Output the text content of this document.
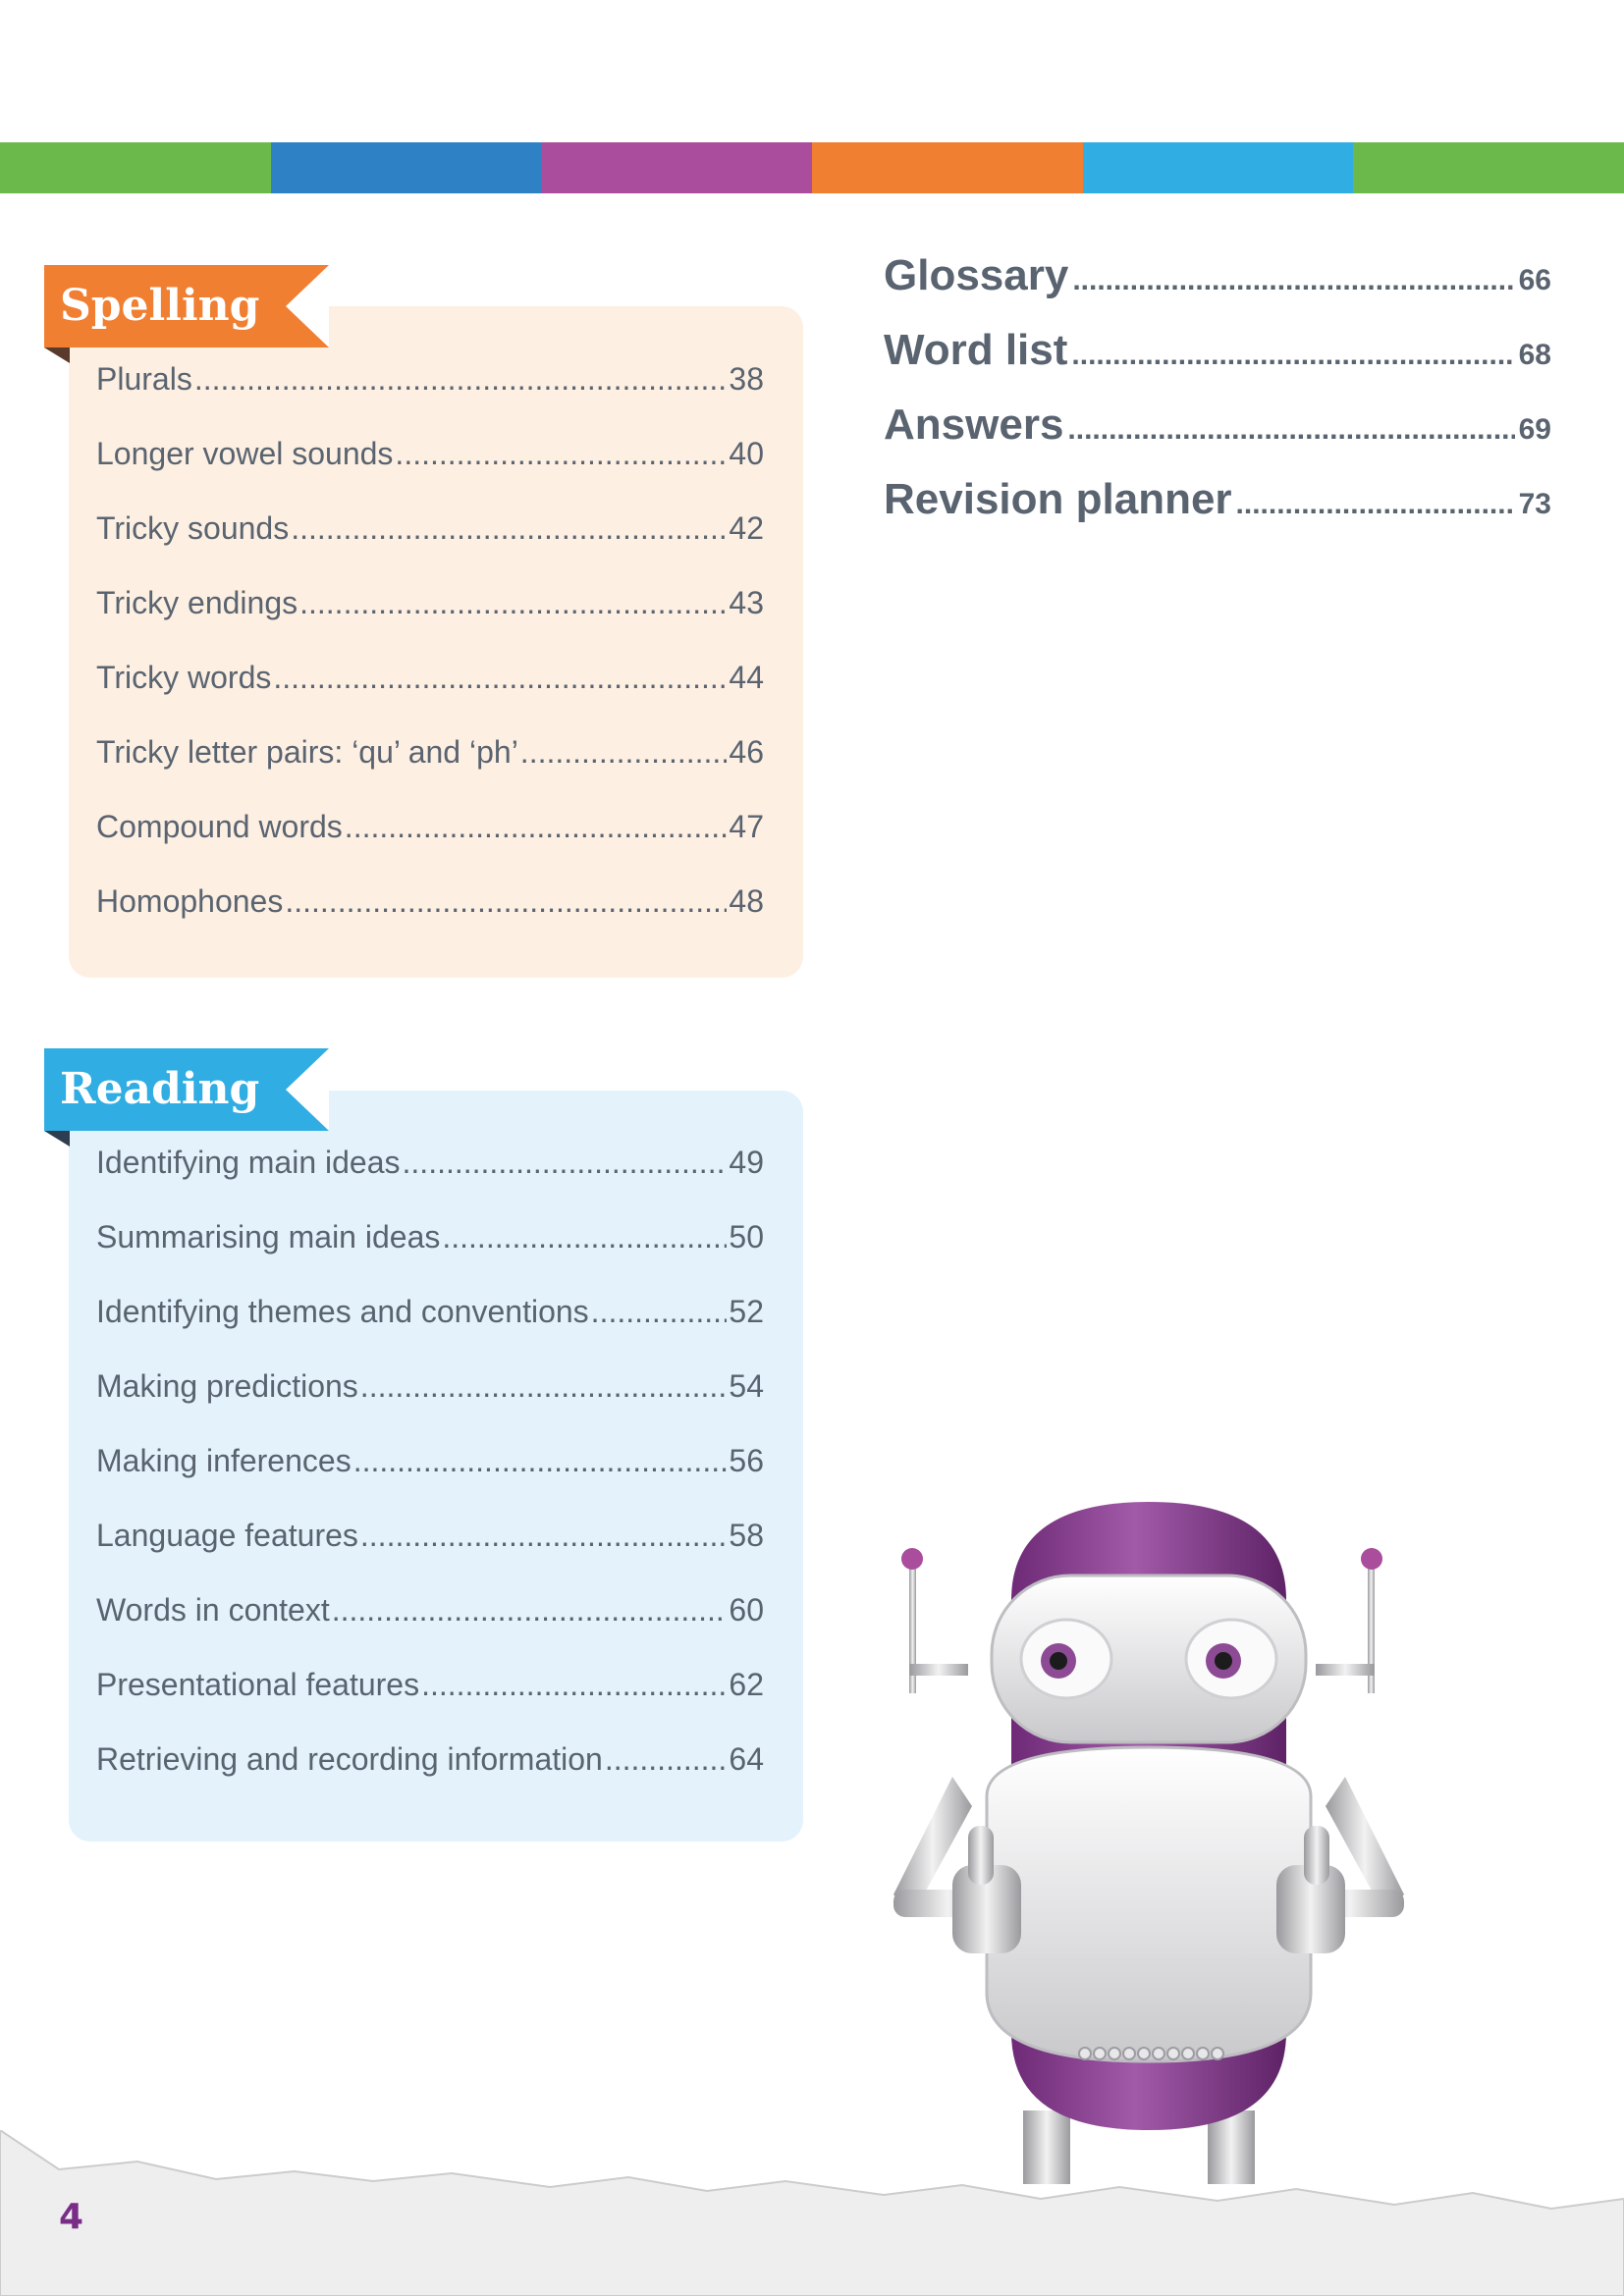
Spelling
Plurals .....	38
Longer vowel sounds .....	40
Tricky sounds .....	42
Tricky endings .....	43
Tricky words .....	44
Tricky letter pairs: ‘qu’ and ‘ph’ .....	46
Compound words .....	47
Homophones .....	48
Reading
Identifying main ideas .....	49
Summarising main ideas .....	50
Identifying themes and conventions .....	52
Making predictions .....	54
Making inferences .....	56
Language features .....	58
Words in context .....	60
Presentational features .....	62
Retrieving and recording information .....	64
Glossary .....	66
Word list .....	68
Answers .....	69
Revision planner .....	73
4
